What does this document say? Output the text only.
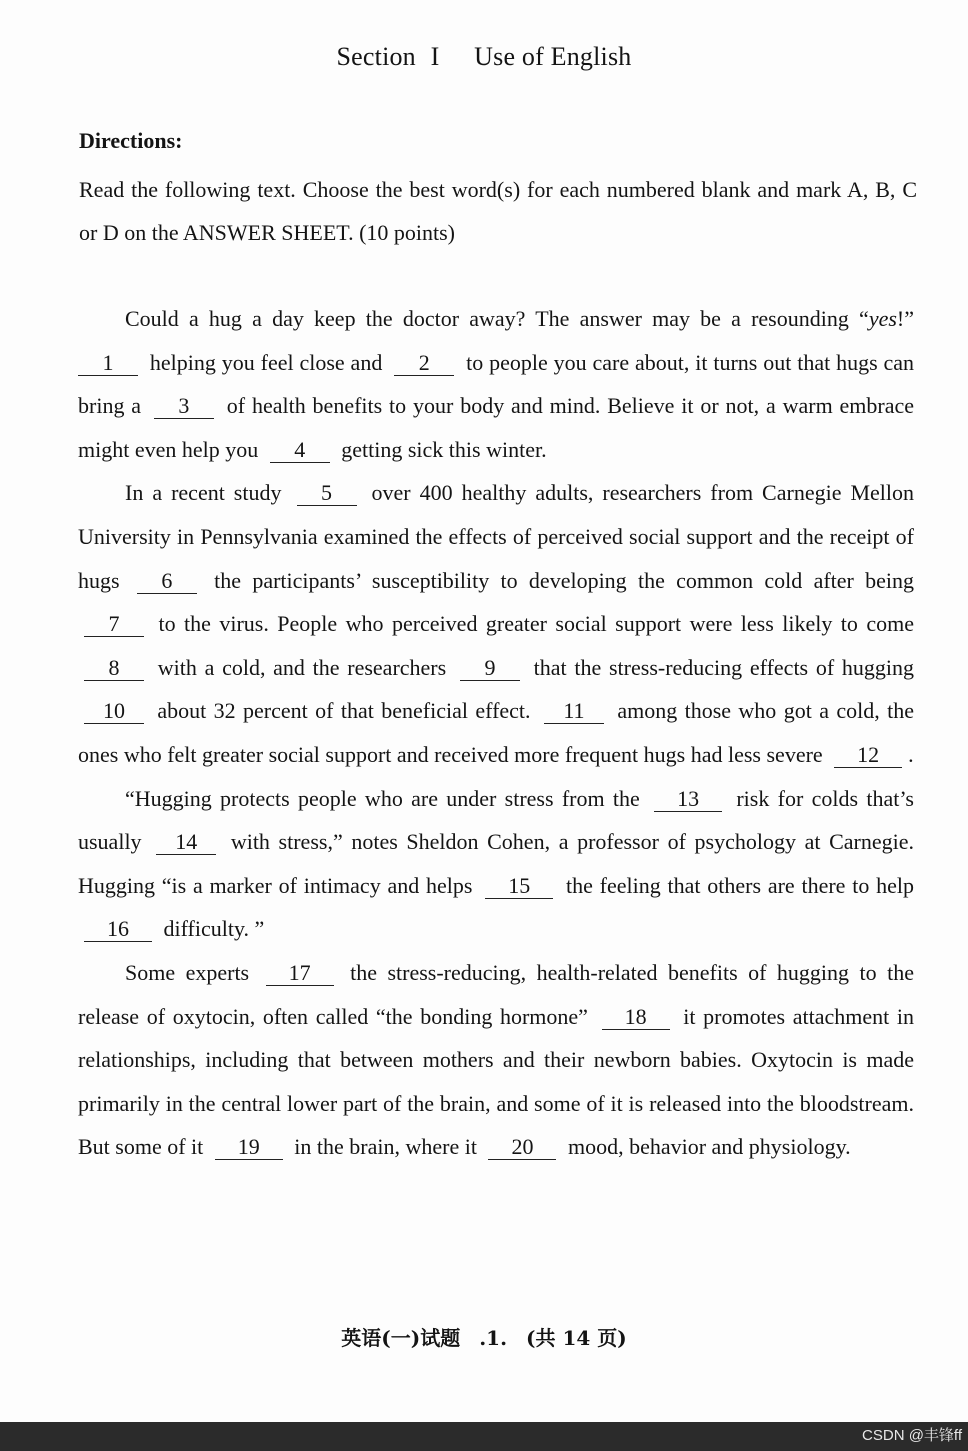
Section I Use of English
Directions:
Read the following text. Choose the best word(s) for each numbered blank and mark A, B, C or D on the ANSWER SHEET. (10 points)

Could a hug a day keep the doctor away? The answer may be a resounding “yes!” 1 helping you feel close and 2 to people you care about, it turns out that hugs can bring a 3 of health benefits to your body and mind. Believe it or not, a warm embrace might even help you 4 getting sick this winter.

In a recent study 5 over 400 healthy adults, researchers from Carnegie Mellon University in Pennsylvania examined the effects of perceived social support and the receipt of hugs 6 the participants’ susceptibility to developing the common cold after being 7 to the virus. People who perceived greater social support were less likely to come 8 with a cold, and the researchers 9 that the stress-reducing effects of hugging 10 about 32 percent of that beneficial effect. 11 among those who got a cold, the ones who felt greater social support and received more frequent hugs had less severe 12 .

“Hugging protects people who are under stress from the 13 risk for colds that’s usually 14 with stress,” notes Sheldon Cohen, a professor of psychology at Carnegie. Hugging “is a marker of intimacy and helps 15 the feeling that others are there to help 16 difficulty. ”

Some experts 17 the stress-reducing, health-related benefits of hugging to the release of oxytocin, often called “the bonding hormone” 18 it promotes attachment in relationships, including that between mothers and their newborn babies. Oxytocin is made primarily in the central lower part of the brain, and some of it is released into the bloodstream. But some of it 19 in the brain, where it 20 mood, behavior and physiology.

英语(一)试题 .1. (共 14 页)
CSDN @丰锋ff
